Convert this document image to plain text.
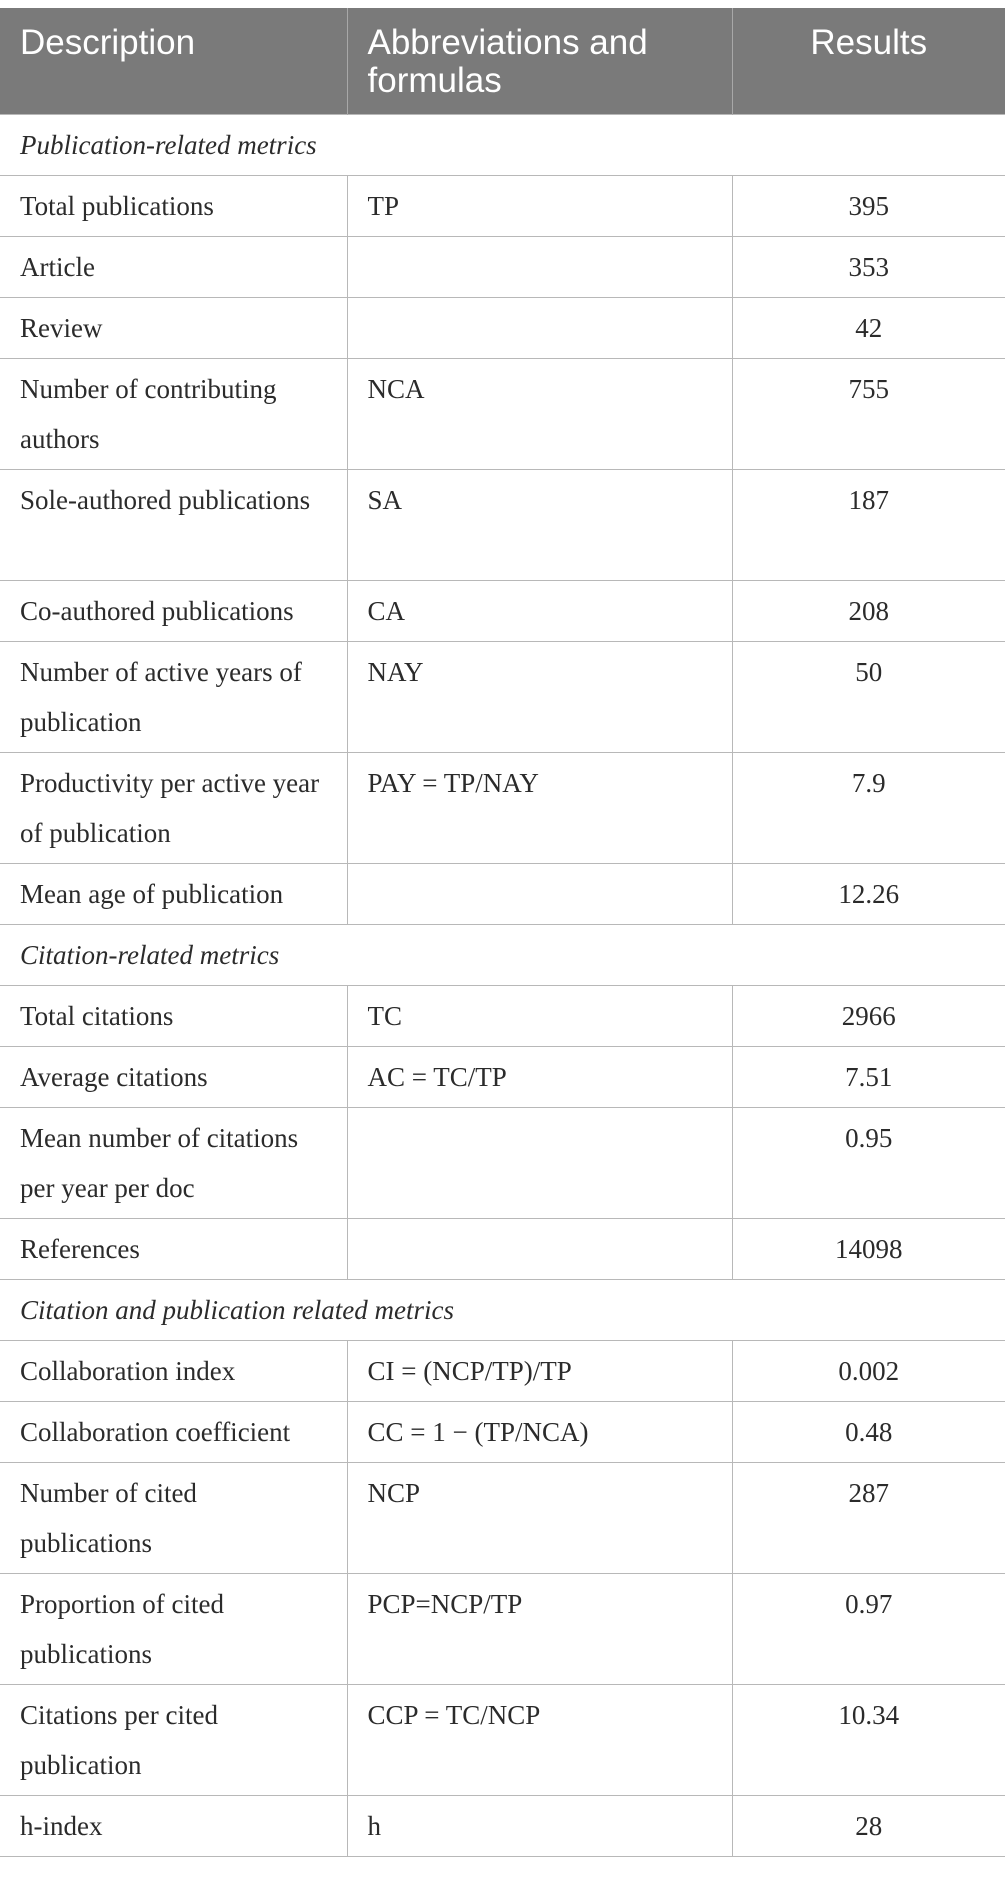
Description	Abbreviations and formulas	Results
Publication-related metrics		
Total publications	TP	395
Article		353
Review		42
Number of contributing authors	NCA	755
Sole-authored publications	SA	187
Co-authored publications	CA	208
Number of active years of publication	NAY	50
Productivity per active year of publication	PAY = TP/NAY	7.9
Mean age of publication		12.26
Citation-related metrics		
Total citations	TC	2966
Average citations	AC = TC/TP	7.51
Mean number of citations per year per doc		0.95
References		14098
Citation and publication related metrics		
Collaboration index	CI = (NCP/TP)/TP	0.002
Collaboration coefficient	CC = 1 − (TP/NCA)	0.48
Number of cited publications	NCP	287
Proportion of cited publications	PCP=NCP/TP	0.97
Citations per cited publication	CCP = TC/NCP	10.34
h-index	h	28
